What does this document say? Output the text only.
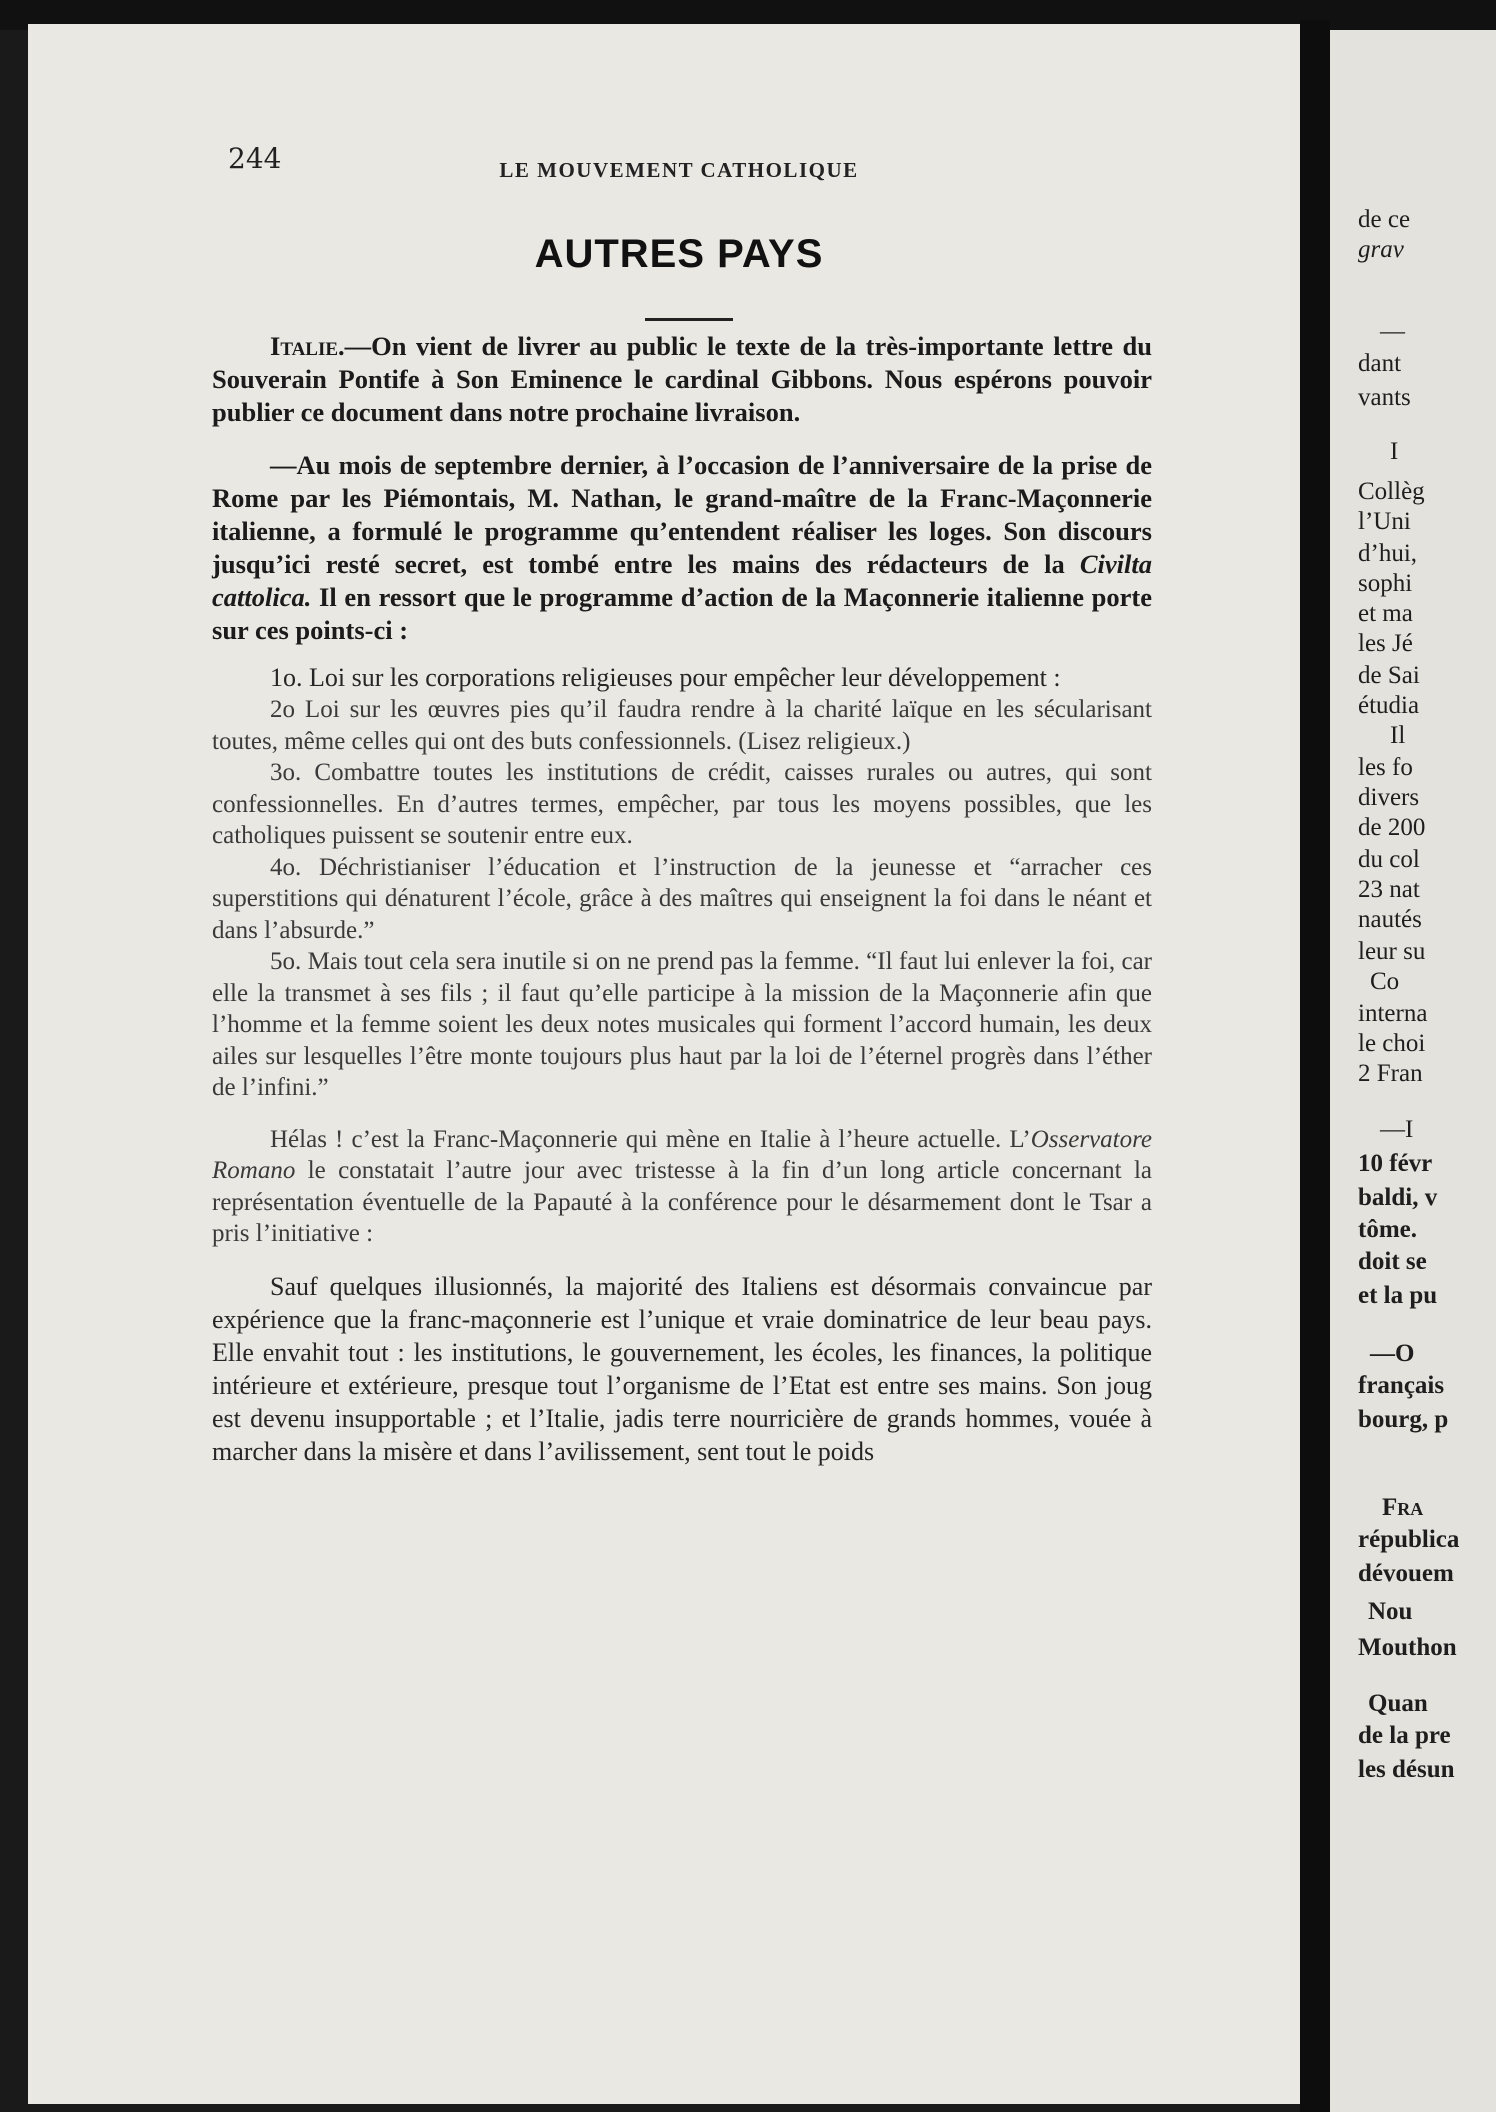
244	LE MOUVEMENT CATHOLIQUE
AUTRES PAYS

Italie.—On vient de livrer au public le texte de la très-importante lettre du Souverain Pontife à Son Eminence le cardinal Gibbons. Nous espérons pouvoir publier ce document dans notre prochaine livraison.

—Au mois de septembre dernier, à l’occasion de l’anniversaire de la prise de Rome par les Piémontais, M. Nathan, le grand-maître de la Franc-Maçonnerie italienne, a formulé le programme qu’entendent réaliser les loges. Son discours jusqu’ici resté secret, est tombé entre les mains des rédacteurs de la Civilta cattolica. Il en ressort que le programme d’action de la Maçonnerie italienne porte sur ces points-ci :

1o. Loi sur les corporations religieuses pour empêcher leur développement :

2o Loi sur les œuvres pies qu’il faudra rendre à la charité laïque en les sécularisant toutes, même celles qui ont des buts confessionnels. (Lisez religieux.)

3o. Combattre toutes les institutions de crédit, caisses rurales ou autres, qui sont confessionnelles. En d’autres termes, empêcher, par tous les moyens possibles, que les catholiques puissent se soutenir entre eux.

4o. Déchristianiser l’éducation et l’instruction de la jeunesse et “arracher ces superstitions qui dénaturent l’école, grâce à des maîtres qui enseignent la foi dans le néant et dans l’absurde.”

5o. Mais tout cela sera inutile si on ne prend pas la femme. “Il faut lui enlever la foi, car elle la transmet à ses fils ; il faut qu’elle participe à la mission de la Maçonnerie afin que l’homme et la femme soient les deux notes musicales qui forment l’accord humain, les deux ailes sur lesquelles l’être monte toujours plus haut par la loi de l’éternel progrès dans l’éther de l’infini.”

Hélas ! c’est la Franc-Maçonnerie qui mène en Italie à l’heure actuelle. L’Osservatore Romano le constatait l’autre jour avec tristesse à la fin d’un long article concernant la représentation éventuelle de la Papauté à la conférence pour le désarmement dont le Tsar a pris l’initiative :

Sauf quelques illusionnés, la majorité des Italiens est désormais convaincue par expérience que la franc-maçonnerie est l’unique et vraie dominatrice de leur beau pays. Elle envahit tout : les institutions, le gouvernement, les écoles, les finances, la politique intérieure et extérieure, presque tout l’organisme de l’Etat est entre ses mains. Son joug est devenu insupportable ; et l’Italie, jadis terre nourricière de grands hommes, vouée à marcher dans la misère et dans l’avilissement, sent tout le poids

de ce
grav
—
dant
vants
I
Collèg
l’Uni
d’hui,
sophi
et ma
les Jé
de Sai
étudia
Il
les fo
divers
de 200
du col
23 nat
nautés
leur su
Co
interna
le choi
2 Fran
—I
10 févr
baldi, v
tôme.
doit se
et la pu
—O
français
bourg, p
Fra
républica
dévouem
Nou
Mouthon
Quan
de la pre
les désun
